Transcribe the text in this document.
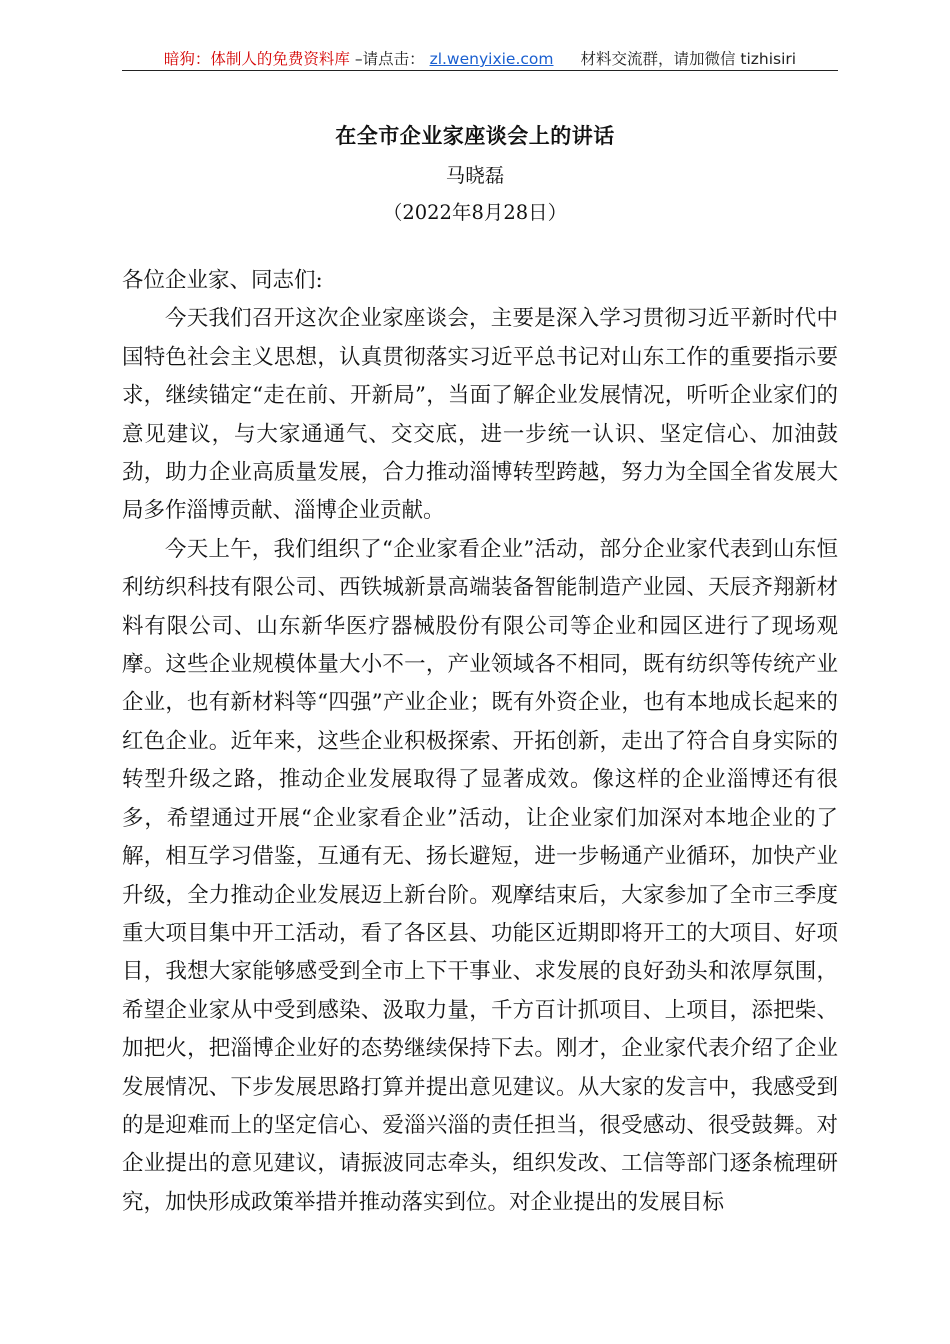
暗狗：体制人的免费资料库 –请点击： zl.wenyixie.com 材料交流群，请加微信 tizhisiri
在全市企业家座谈会上的讲话
马晓磊
（2022年8月28日）

各位企业家、同志们:

今天我们召开这次企业家座谈会，主要是深入学习贯彻习近平新时代中国特色社会主义思想，认真贯彻落实习近平总书记对山东工作的重要指示要求，继续锚定“走在前、开新局”，当面了解企业发展情况，听听企业家们的意见建议，与大家通通气、交交底，进一步统一认识、坚定信心、加油鼓劲，助力企业高质量发展，合力推动淄博转型跨越，努力为全国全省发展大局多作淄博贡献、淄博企业贡献。

今天上午，我们组织了“企业家看企业”活动，部分企业家代表到山东恒利纺织科技有限公司、西铁城新景高端装备智能制造产业园、天辰齐翔新材料有限公司、山东新华医疗器械股份有限公司等企业和园区进行了现场观摩。这些企业规模体量大小不一，产业领域各不相同，既有纺织等传统产业企业，也有新材料等“四强”产业企业；既有外资企业，也有本地成长起来的红色企业。近年来，这些企业积极探索、开拓创新，走出了符合自身实际的转型升级之路，推动企业发展取得了显著成效。像这样的企业淄博还有很多，希望通过开展“企业家看企业”活动，让企业家们加深对本地企业的了解，相互学习借鉴，互通有无、扬长避短，进一步畅通产业循环，加快产业升级，全力推动企业发展迈上新台阶。观摩结束后，大家参加了全市三季度重大项目集中开工活动，看了各区县、功能区近期即将开工的大项目、好项目，我想大家能够感受到全市上下干事业、求发展的良好劲头和浓厚氛围，希望企业家从中受到感染、汲取力量，千方百计抓项目、上项目，添把柴、加把火，把淄博企业好的态势继续保持下去。刚才，企业家代表介绍了企业发展情况、下步发展思路打算并提出意见建议。从大家的发言中，我感受到的是迎难而上的坚定信心、爱淄兴淄的责任担当，很受感动、很受鼓舞。对企业提出的意见建议，请振波同志牵头，组织发改、工信等部门逐条梳理研究，加快形成政策举措并推动落实到位。对企业提出的发展目标
